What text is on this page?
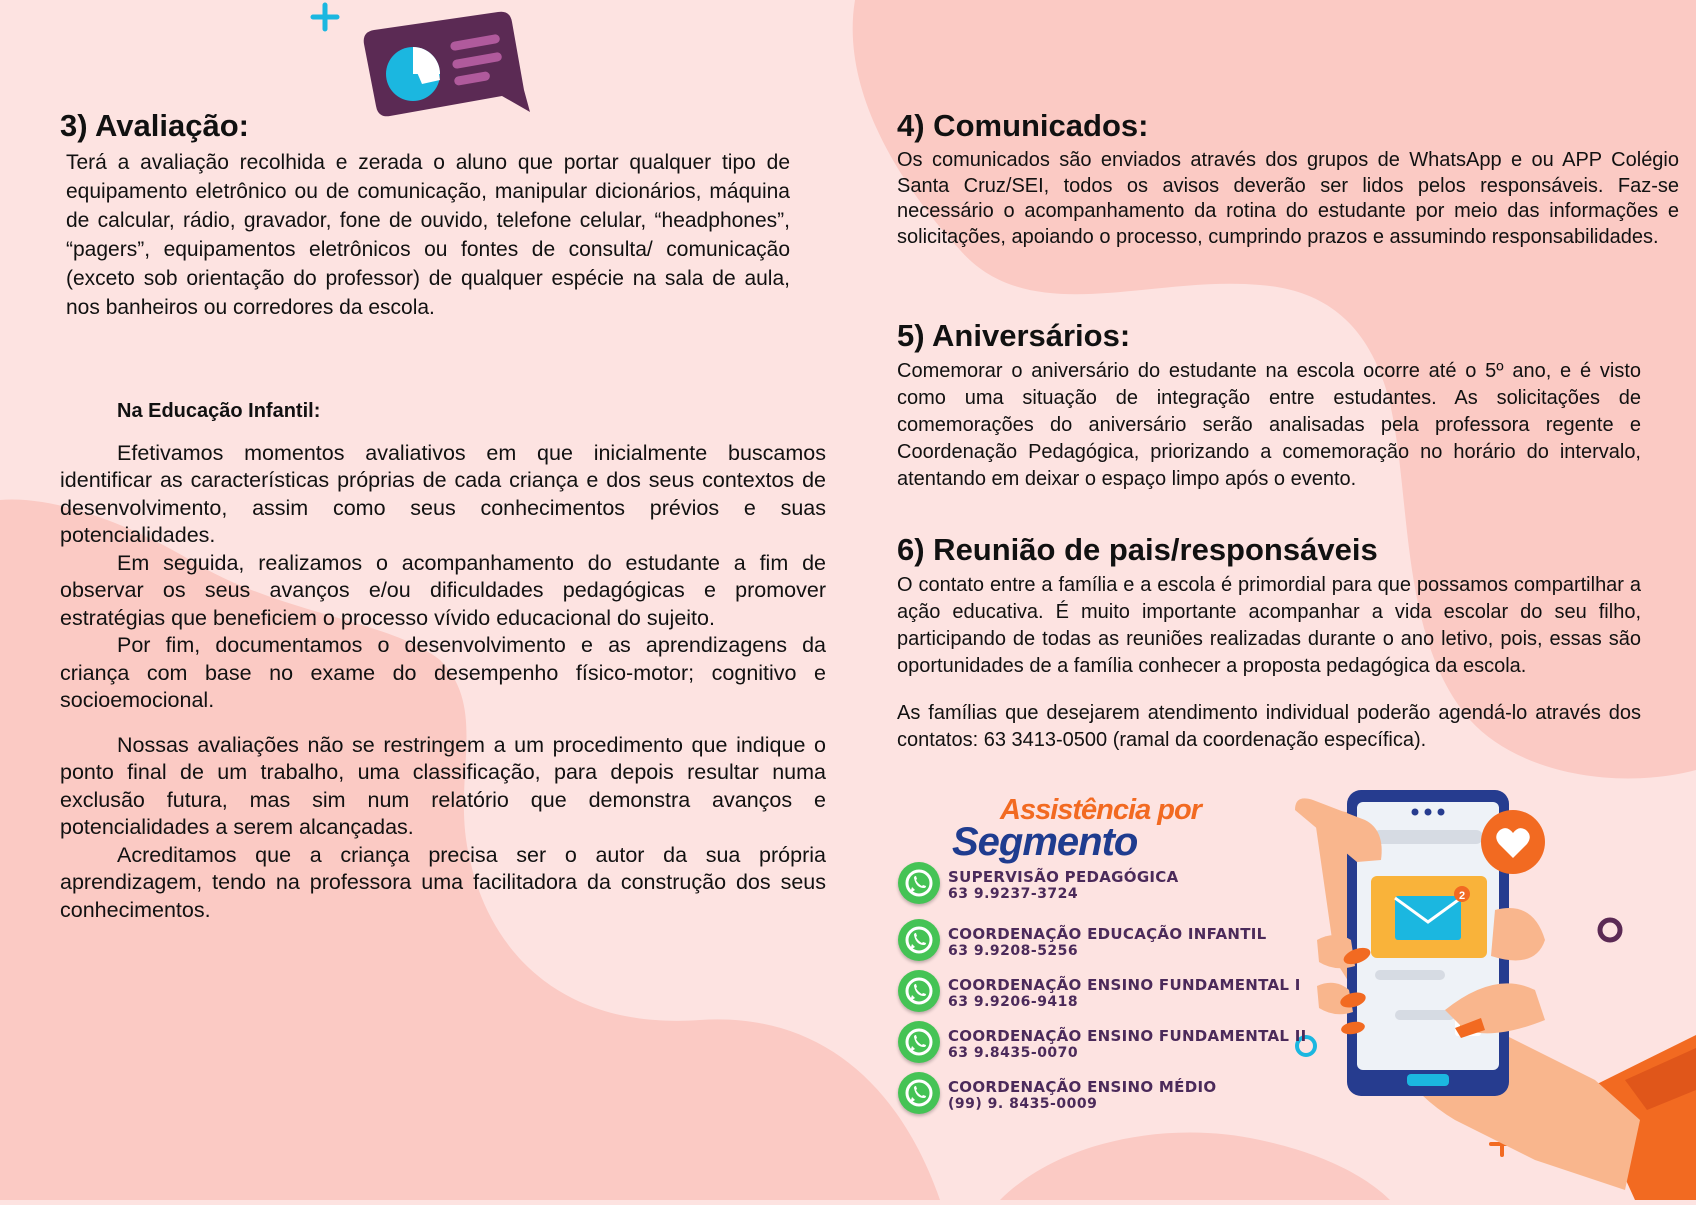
2
3) Avaliação:

Terá a avaliação recolhida e zerada o aluno que portar qualquer tipo de equipamento eletrônico ou de comunicação, manipular dicionários, máquina de calcular, rádio, gravador, fone de ouvido, telefone celular, “headphones”, “pagers”, equipamentos eletrônicos ou fontes de consulta/ comunicação (exceto sob orientação do professor) de qualquer espécie na sala de aula, nos banheiros ou corredores da escola.

Na Educação Infantil:

Efetivamos momentos avaliativos em que inicialmente buscamos identificar as características próprias de cada criança e dos seus contextos de desenvolvimento, assim como seus conhecimentos prévios e suas potencialidades.

Em seguida, realizamos o acompanhamento do estudante a fim de observar os seus avanços e/ou dificuldades pedagógicas e promover estratégias que beneficiem o processo vívido educacional do sujeito.

Por fim, documentamos o desenvolvimento e as aprendizagens da criança com base no exame do desempenho físico-motor; cognitivo e socioemocional.

Nossas avaliações não se restringem a um procedimento que indique o ponto final de um trabalho, uma classificação, para depois resultar numa exclusão futura, mas sim num relatório que demonstra avanços e potencialidades a serem alcançadas.

Acreditamos que a criança precisa ser o autor da sua própria aprendizagem, tendo na professora uma facilitadora da construção dos seus conhecimentos.

4) Comunicados:

Os comunicados são enviados através dos grupos de WhatsApp e ou APP Colégio Santa Cruz/SEI, todos os avisos deverão ser lidos pelos responsáveis. Faz-se necessário o acompanhamento da rotina do estudante por meio das informações e solicitações, apoiando o processo, cumprindo prazos e assumindo responsabilidades.

5) Aniversários:

Comemorar o aniversário do estudante na escola ocorre até o 5º ano, e é visto como uma situação de integração entre estudantes. As solicitações de comemorações do aniversário serão analisadas pela professora regente e Coordenação Pedagógica, priorizando a comemoração no horário do intervalo, atentando em deixar o espaço limpo após o evento.

6) Reunião de pais/responsáveis

O contato entre a família e a escola é primordial para que possamos compartilhar a ação educativa. É muito importante acompanhar a vida escolar do seu filho, participando de todas as reuniões realizadas durante o ano letivo, pois, essas são oportunidades de a família conhecer a proposta pedagógica da escola.

As famílias que desejarem atendimento individual poderão agendá-lo através dos contatos: 63 3413-0500 (ramal da coordenação específica).

Assistência por
Segmento
SUPERVISÃO PEDAGÓGICA
63 9.9237-3724
COORDENAÇÃO EDUCAÇÃO INFANTIL
63 9.9208-5256
COORDENAÇÃO ENSINO FUNDAMENTAL I
63 9.9206-9418
COORDENAÇÃO ENSINO FUNDAMENTAL II
63 9.8435-0070
COORDENAÇÃO ENSINO MÉDIO
(99) 9. 8435-0009
